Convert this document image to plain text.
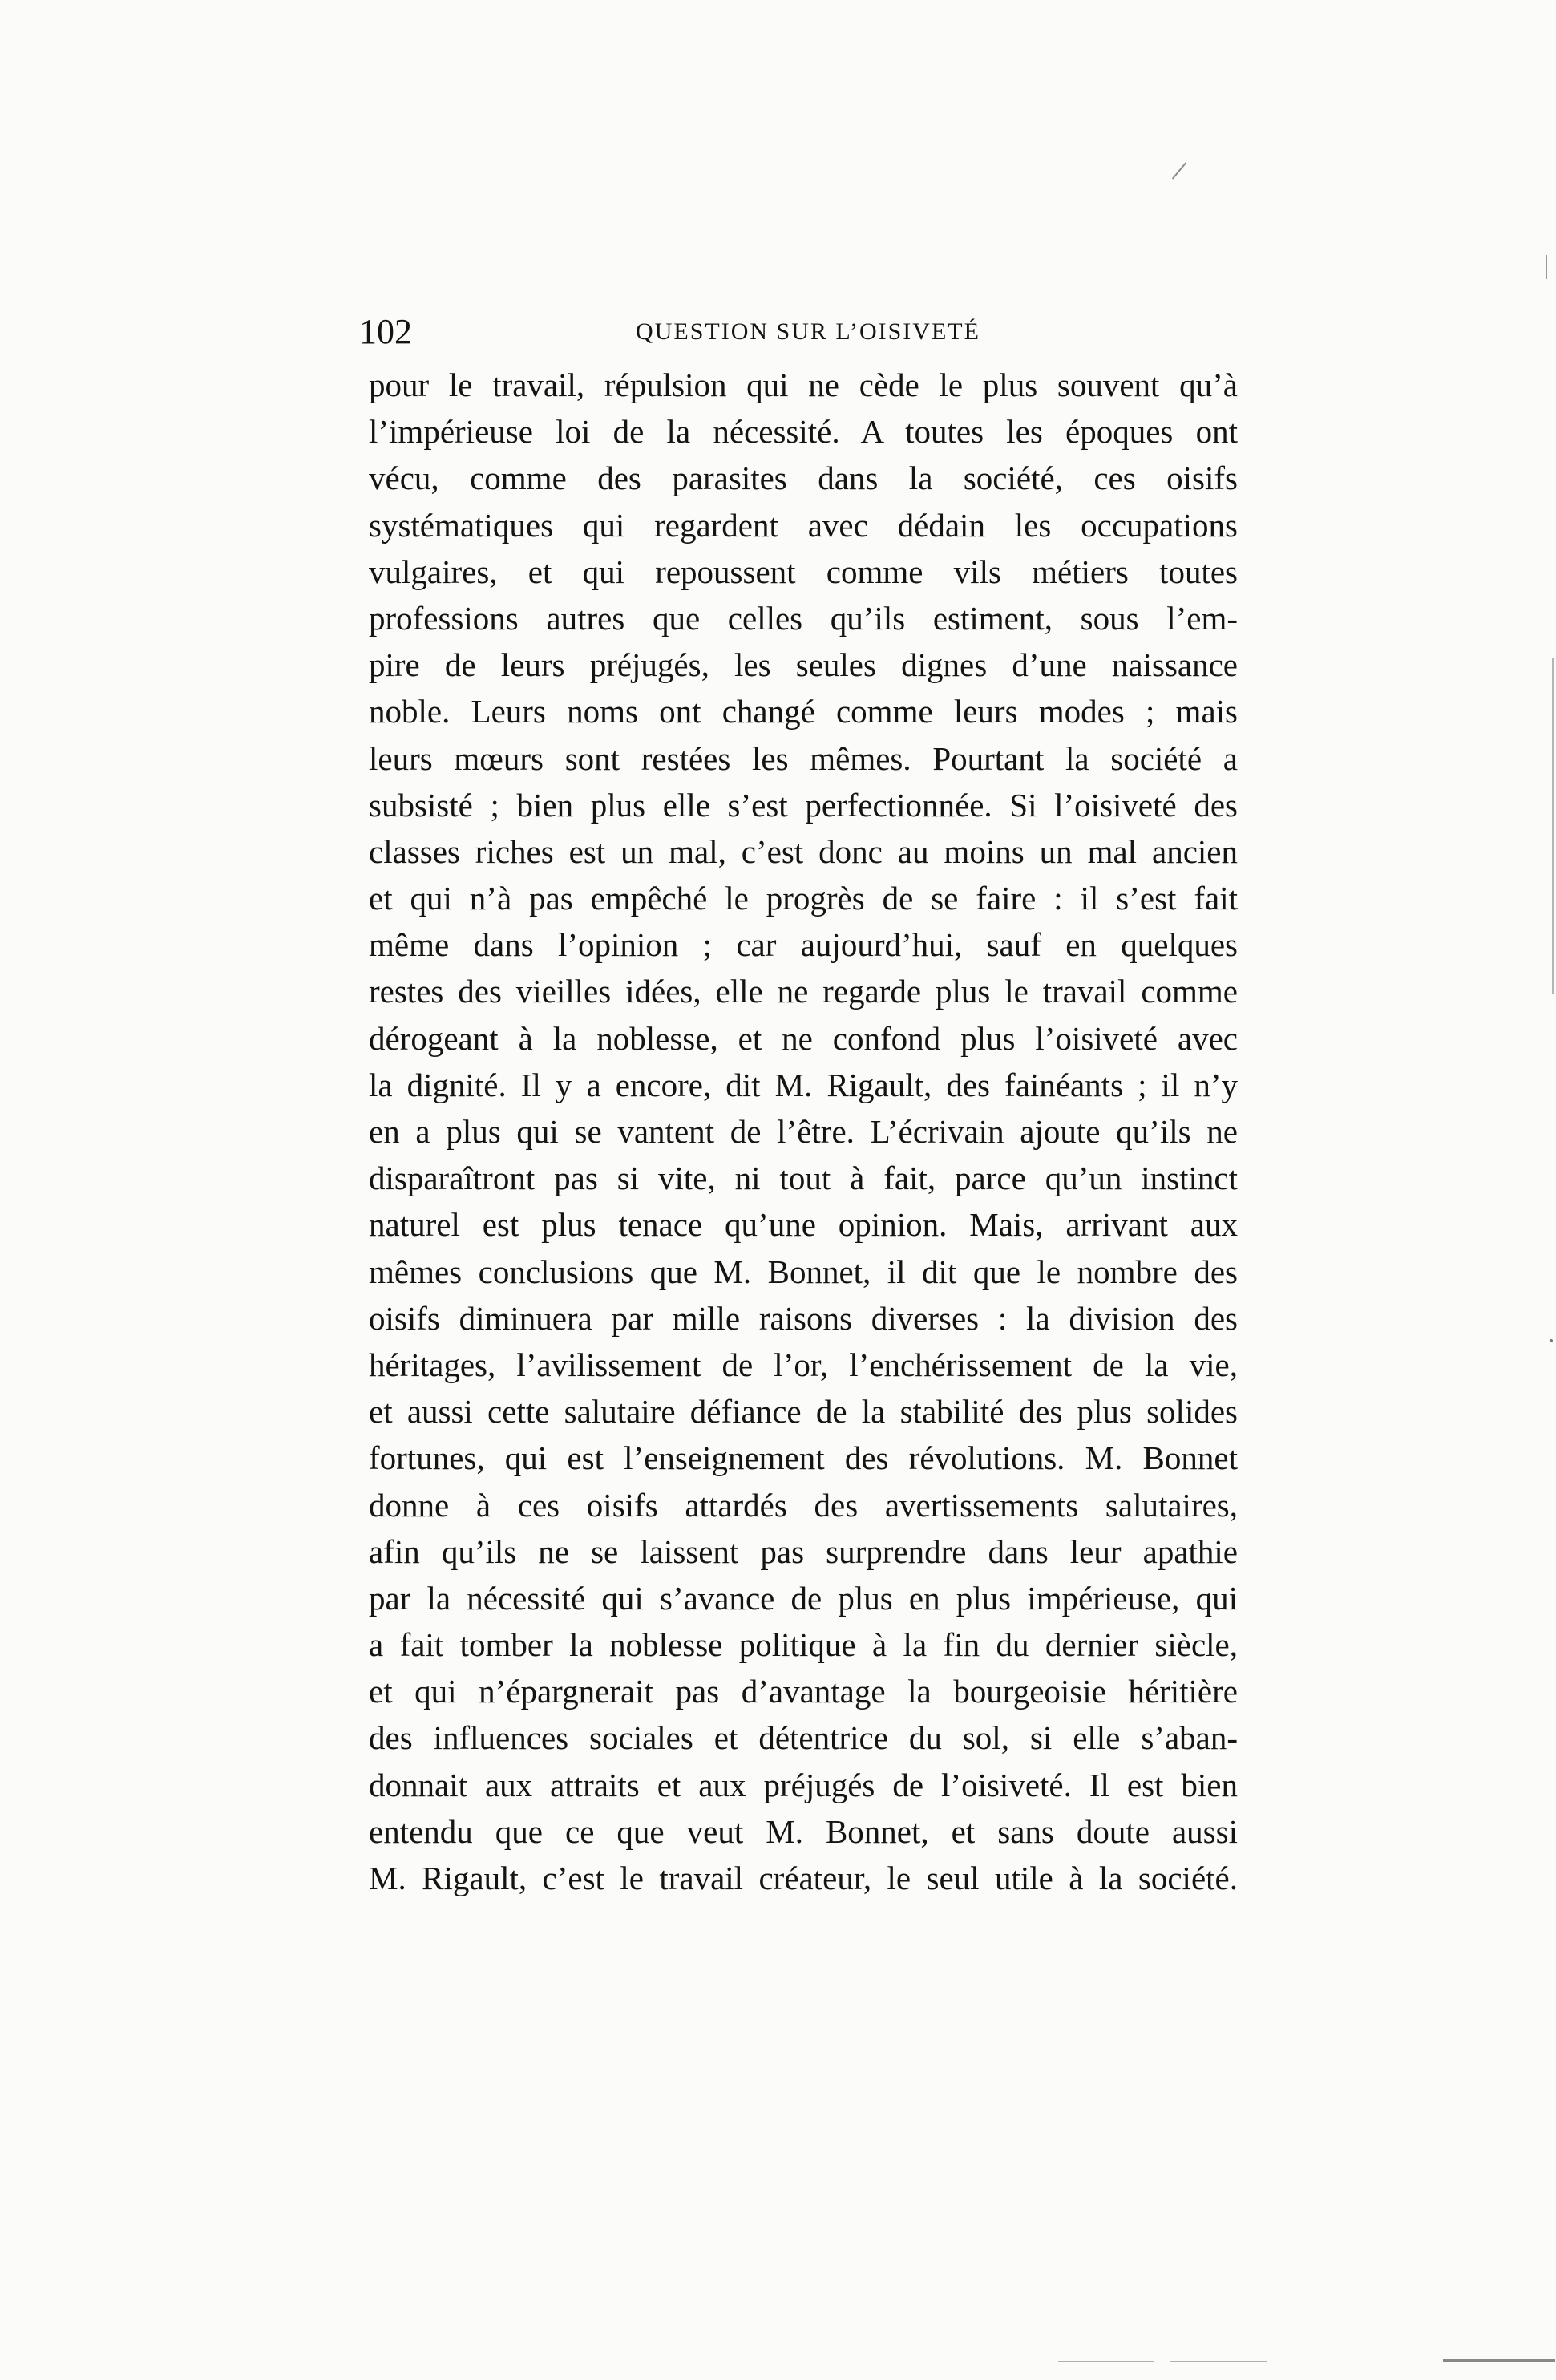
102	QUESTION SUR L’OISIVETÉ
pour le travail, répulsion qui ne cède le plus souvent qu’à
l’impérieuse loi de la nécessité. A toutes les époques ont
vécu, comme des parasites dans la société, ces oisifs
systématiques qui regardent avec dédain les occupations
vulgaires, et qui repoussent comme vils métiers toutes
professions autres que celles qu’ils estiment, sous l’em-
pire de leurs préjugés, les seules dignes d’une naissance
noble. Leurs noms ont changé comme leurs modes ; mais
leurs mœurs sont restées les mêmes. Pourtant la société a
subsisté ; bien plus elle s’est perfectionnée. Si l’oisiveté des
classes riches est un mal, c’est donc au moins un mal ancien
et qui n’à pas empêché le progrès de se faire : il s’est fait
même dans l’opinion ; car aujourd’hui, sauf en quelques
restes des vieilles idées, elle ne regarde plus le travail comme
dérogeant à la noblesse, et ne confond plus l’oisiveté avec
la dignité. Il y a encore, dit M. Rigault, des fainéants ; il n’y
en a plus qui se vantent de l’être. L’écrivain ajoute qu’ils ne
disparaîtront pas si vite, ni tout à fait, parce qu’un instinct
naturel est plus tenace qu’une opinion. Mais, arrivant aux
mêmes conclusions que M. Bonnet, il dit que le nombre des
oisifs diminuera par mille raisons diverses : la division des
héritages, l’avilissement de l’or, l’enchérissement de la vie,
et aussi cette salutaire défiance de la stabilité des plus solides
fortunes, qui est l’enseignement des révolutions. M. Bonnet
donne à ces oisifs attardés des avertissements salutaires,
afin qu’ils ne se laissent pas surprendre dans leur apathie
par la nécessité qui s’avance de plus en plus impérieuse, qui
a fait tomber la noblesse politique à la fin du dernier siècle,
et qui n’épargnerait pas d’avantage la bourgeoisie héritière
des influences sociales et détentrice du sol, si elle s’aban-
donnait aux attraits et aux préjugés de l’oisiveté. Il est bien
entendu que ce que veut M. Bonnet, et sans doute aussi
M. Rigault, c’est le travail créateur, le seul utile à la société.
